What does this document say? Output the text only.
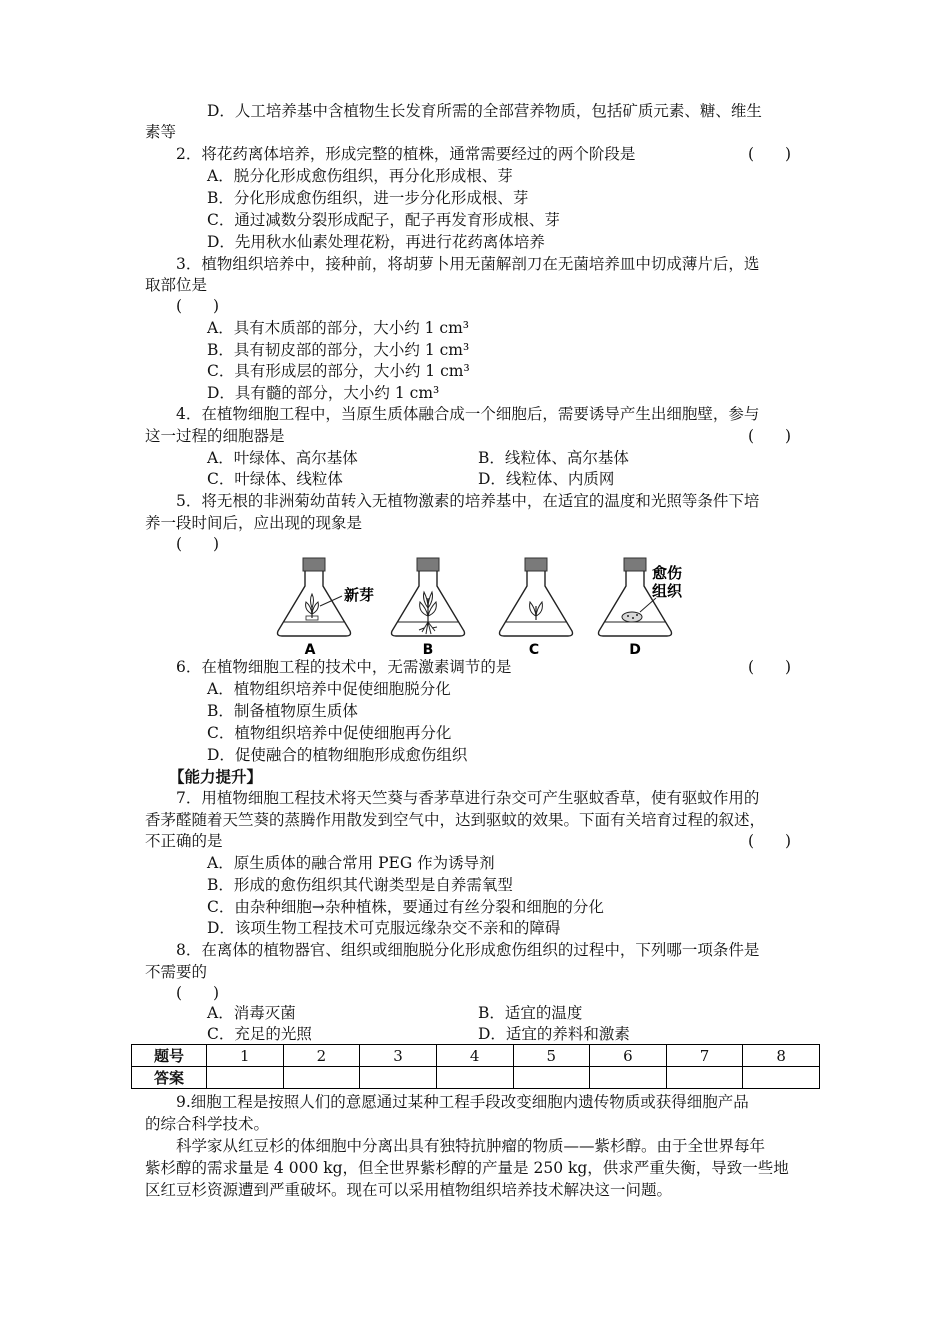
D．人工培养基中含植物生长发育所需的全部营养物质，包括矿质元素、糖、维生
素等
2．将花药离体培养，形成完整的植株，通常需要经过的两个阶段是	(　　)
A．脱分化形成愈伤组织，再分化形成根、芽
B．分化形成愈伤组织，进一步分化形成根、芽
C．通过减数分裂形成配子，配子再发育形成根、芽
D．先用秋水仙素处理花粉，再进行花药离体培养
3．植物组织培养中，接种前，将胡萝卜用无菌解剖刀在无菌培养皿中切成薄片后，选
取部位是
(　　)
A．具有木质部的部分，大小约 1 cm³
B．具有韧皮部的部分，大小约 1 cm³
C．具有形成层的部分，大小约 1 cm³
D．具有髓的部分，大小约 1 cm³
4．在植物细胞工程中，当原生质体融合成一个细胞后，需要诱导产生出细胞壁，参与
这一过程的细胞器是	(　　)
A．叶绿体、高尔基体	B．线粒体、高尔基体
C．叶绿体、线粒体	D．线粒体、内质网
5．将无根的非洲菊幼苗转入无植物激素的培养基中，在适宜的温度和光照等条件下培
养一段时间后，应出现的现象是
(　　)
新芽
A	B	C
愈伤
组织
D
6．在植物细胞工程的技术中，无需激素调节的是	(　　)
A．植物组织培养中促使细胞脱分化
B．制备植物原生质体
C．植物组织培养中促使细胞再分化
D．促使融合的植物细胞形成愈伤组织
【能力提升】
7．用植物细胞工程技术将天竺葵与香茅草进行杂交可产生驱蚊香草，使有驱蚊作用的
香茅醛随着天竺葵的蒸腾作用散发到空气中，达到驱蚊的效果。下面有关培育过程的叙述，
不正确的是	(　　)
A．原生质体的融合常用 PEG 作为诱导剂
B．形成的愈伤组织其代谢类型是自养需氧型
C．由杂种细胞→杂种植株，要通过有丝分裂和细胞的分化
D．该项生物工程技术可克服远缘杂交不亲和的障碍
8．在离体的植物器官、组织或细胞脱分化形成愈伤组织的过程中，下列哪一项条件是
不需要的
(　　)
A．消毒灭菌	B．适宜的温度
C．充足的光照	D．适宜的养料和激素
题号	1	2	3	4	5	6	7	8
答案								
9.细胞工程是按照人们的意愿通过某种工程手段改变细胞内遗传物质或获得细胞产品
的综合科学技术。
科学家从红豆杉的体细胞中分离出具有独特抗肿瘤的物质——紫杉醇。由于全世界每年
紫杉醇的需求量是 4 000 kg，但全世界紫杉醇的产量是 250 kg，供求严重失衡，导致一些地
区红豆杉资源遭到严重破坏。现在可以采用植物组织培养技术解决这一问题。
